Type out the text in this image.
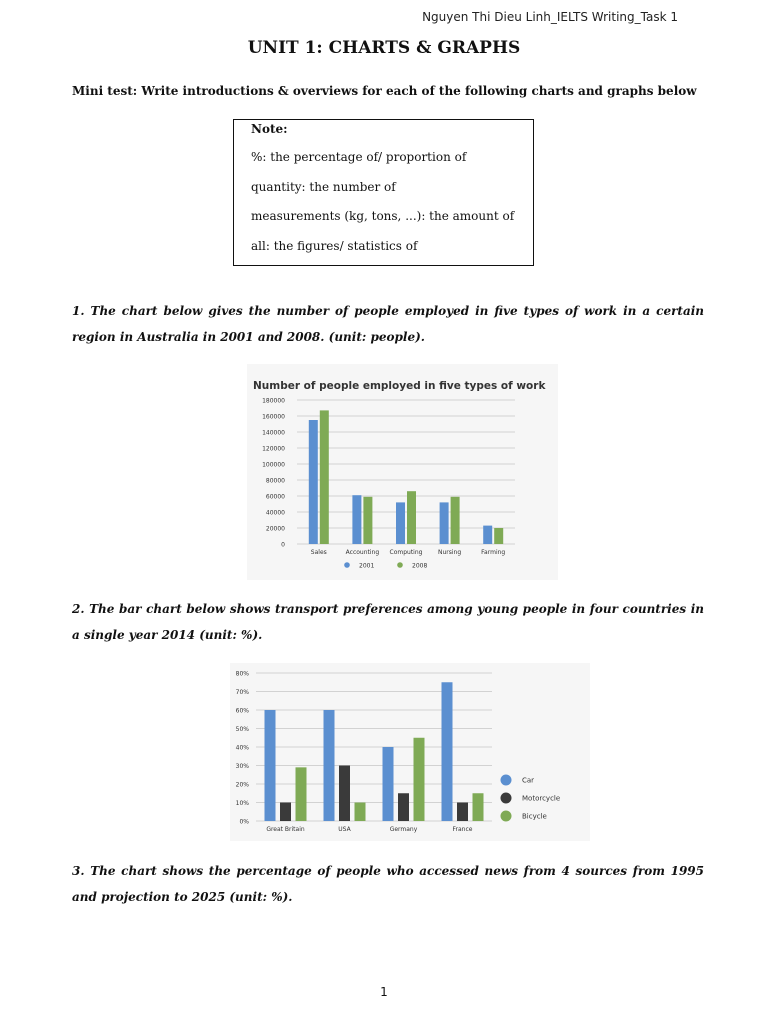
Nguyen Thi Dieu Linh_IELTS Writing_Task 1
UNIT 1: CHARTS & GRAPHS
Mini test: Write introductions & overviews for each of the following charts and graphs below
Note:
%: the percentage of/ proportion of
quantity: the number of
measurements (kg, tons, ...): the amount of
all: the figures/ statistics of
1. The chart below gives the number of people employed in five types of work in a certain region in Australia in 2001 and 2008. (unit: people).
Number of people employed in five types of work
0
20000
40000
60000
80000
100000
120000
140000
160000
180000
Sales	Accounting Computing	Nursing	Farming
2001	2008
2. The bar chart below shows transport preferences among young people in four countries in a single year 2014 (unit: %).
0%
10%
20%
30%
40%
50%
60%
70%
80%
Great Britain	USA	Germany	France
Car
Motorcycle
Bicycle
3. The chart shows the percentage of people who accessed news from 4 sources from 1995 and projection to 2025 (unit: %).
1
